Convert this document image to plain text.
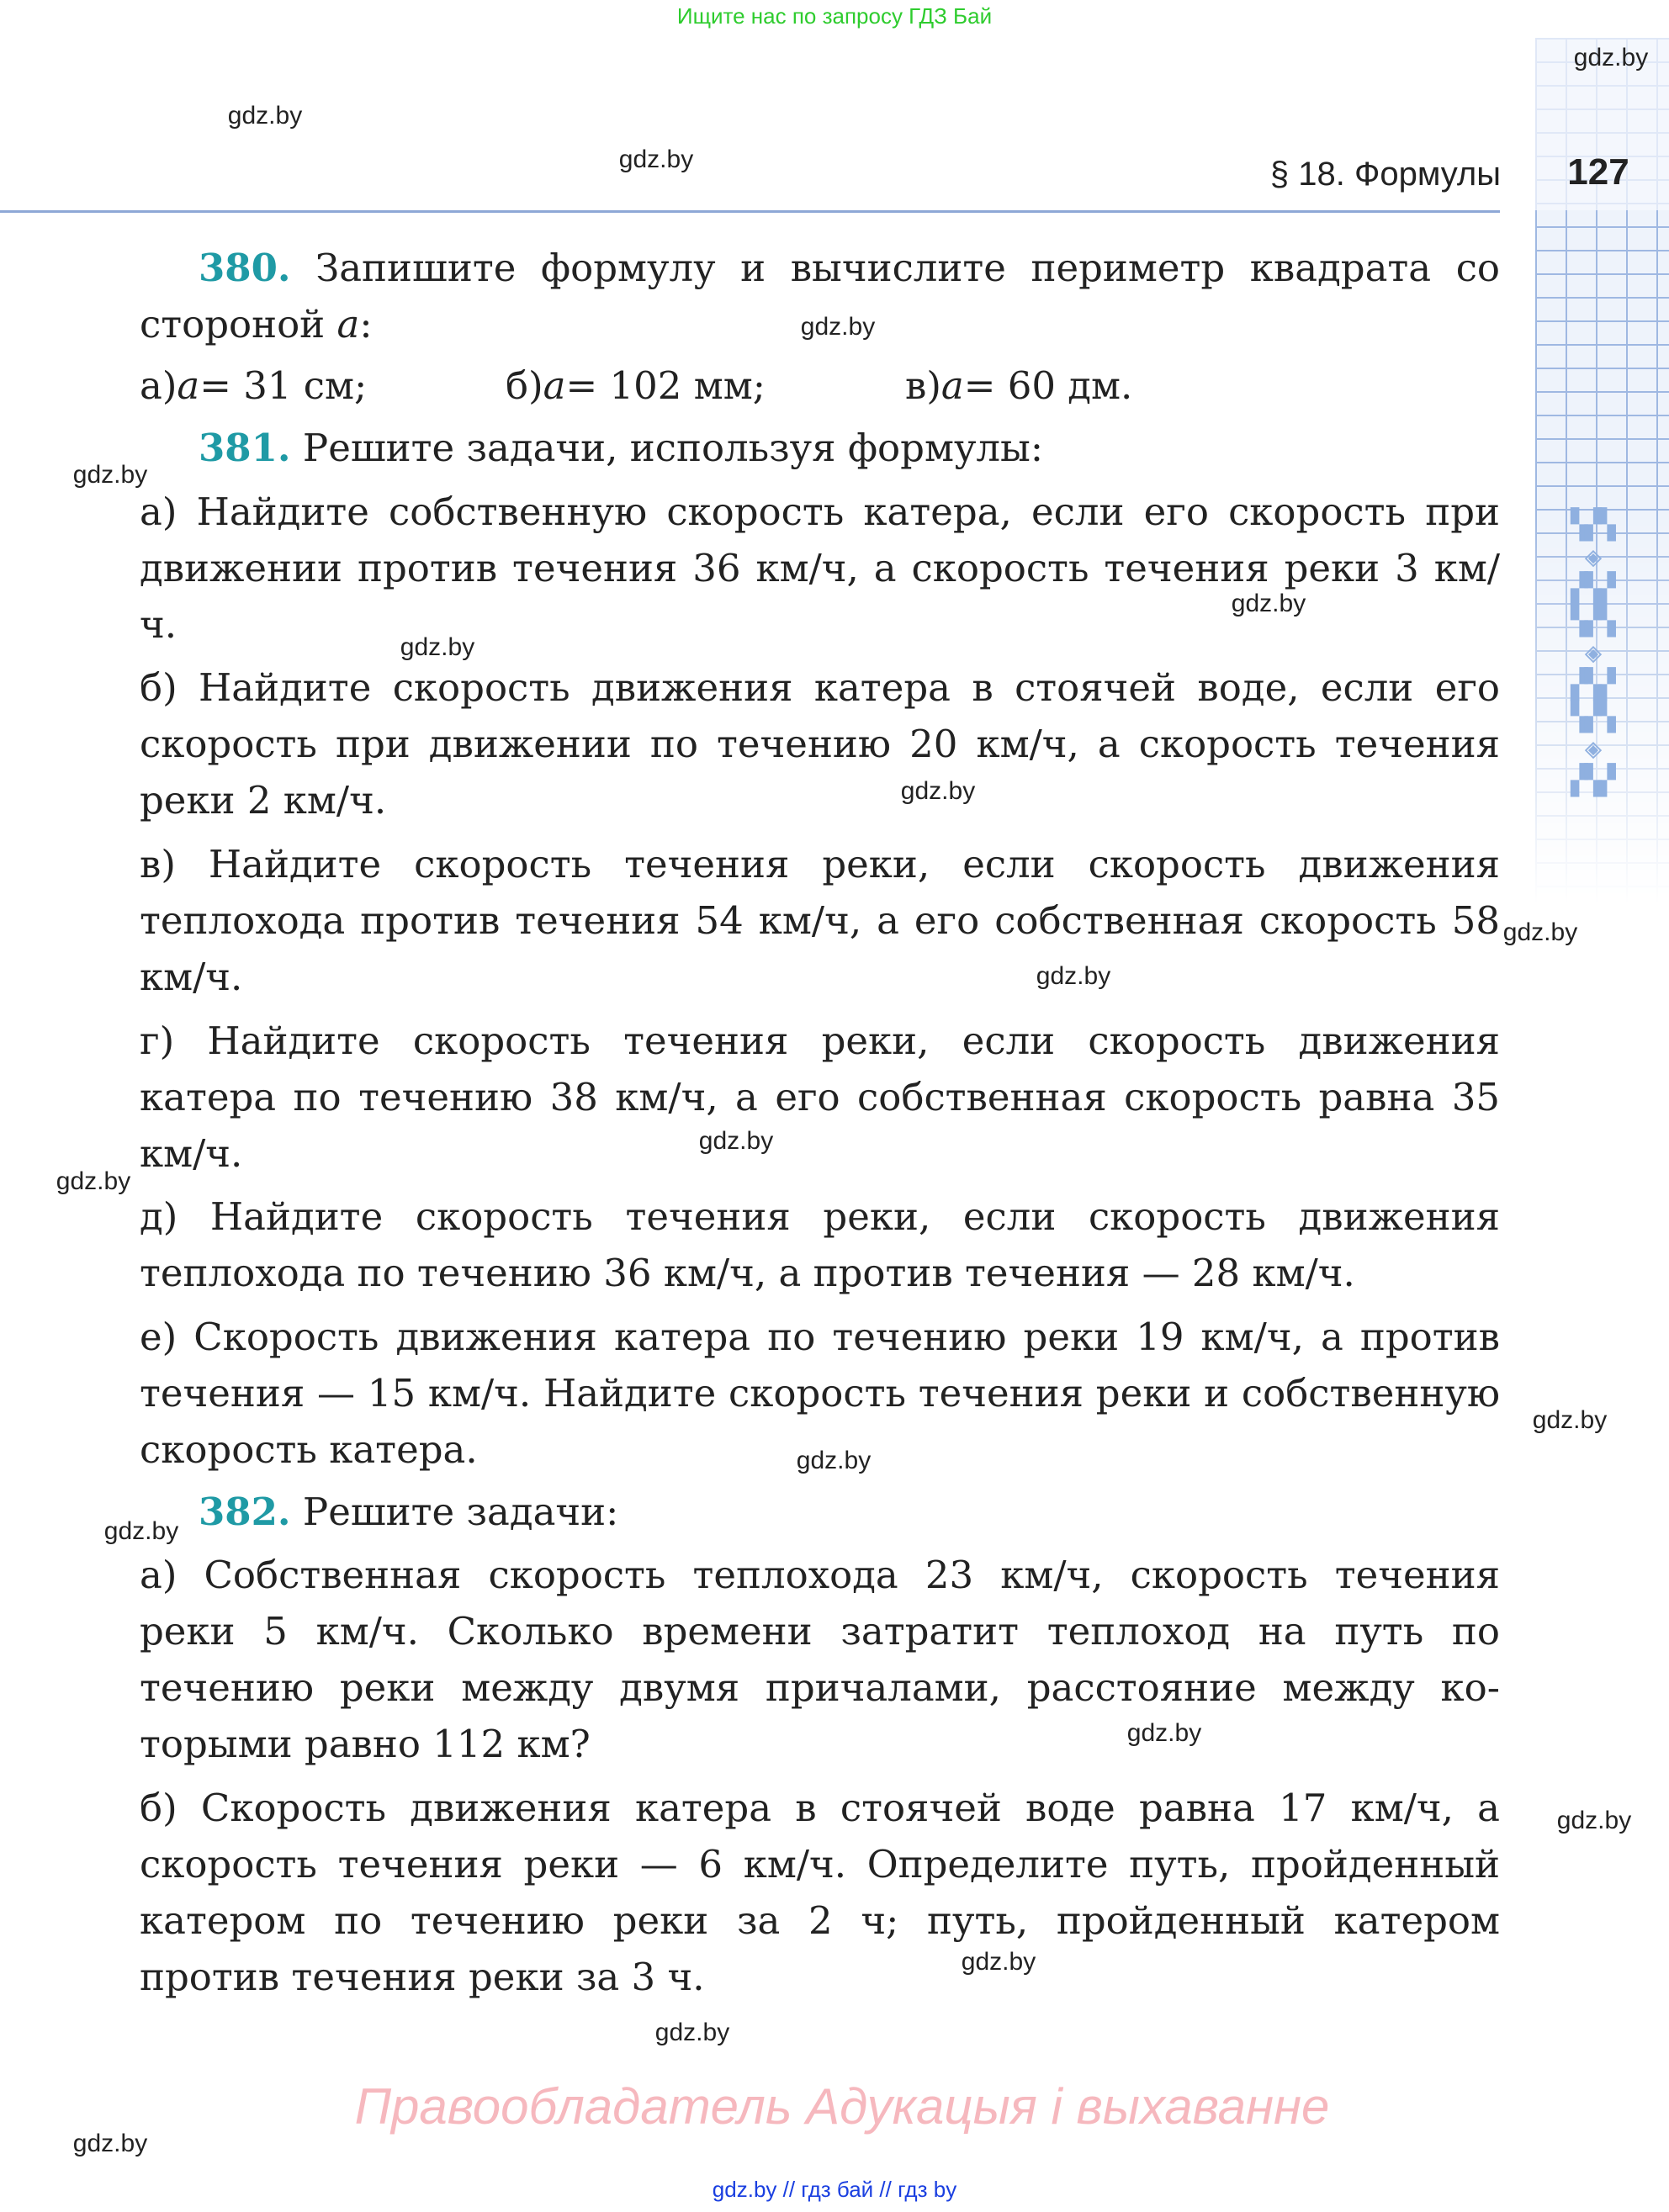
Ищите нас по запросу ГДЗ Бай
127
▚▞▚
◈
▞▚▞
▚▞▚
◈
▞▚▞
▚▞▚
◈
▞▚▞
§ 18. Формулы
380. Запишите формулу и вычислите периметр квадрата со стороной a:
а)a= 31 см;	б)a= 102 мм;	в)a= 60 дм.
381. Решите задачи, используя формулы:
а) Найдите собственную скорость катера, если его скорость при движении против течения 36 км/ч, а скорость течения реки 3 км/ч.
б) Найдите скорость движения катера в стоячей воде, если его скорость при движении по течению 20 км/ч, а скорость течения реки 2 км/ч.
в) Найдите скорость течения реки, если скорость движения теплохода против течения 54 км/ч, а его собственная скорость 58 км/ч.
г) Найдите скорость течения реки, если скорость движения катера по течению 38 км/ч, а его собственная скорость равна 35 км/ч.
д) Найдите скорость течения реки, если скорость движения теплохода по течению 36 км/ч, а против течения — 28 км/ч.
е) Скорость движения катера по течению реки 19 км/ч, а против течения — 15 км/ч. Найдите скорость течения реки и собственную скорость катера.
382. Решите задачи:
а) Собственная скорость теплохода 23 км/ч, скорость течения реки 5 км/ч. Сколько времени затратит теплоход на путь по течению реки между двумя причалами, расстояние между которыми равно 112 км?
б) Скорость движения катера в стоячей воде равна 17 км/ч, а скорость течения реки — 6 км/ч. Определите путь, пройденный катером по течению реки за 2 ч; путь, пройденный катером против течения реки за 3 ч.
gdz.by
gdz.by
gdz.by
gdz.by
gdz.by
gdz.by
gdz.by
gdz.by
gdz.by
gdz.by
gdz.by
gdz.by
gdz.by
gdz.by
gdz.by
gdz.by
gdz.by
gdz.by
gdz.by
gdz.by
Правообладатель Адукацыя і выхаванне
gdz.by // гдз бай // гдз by
